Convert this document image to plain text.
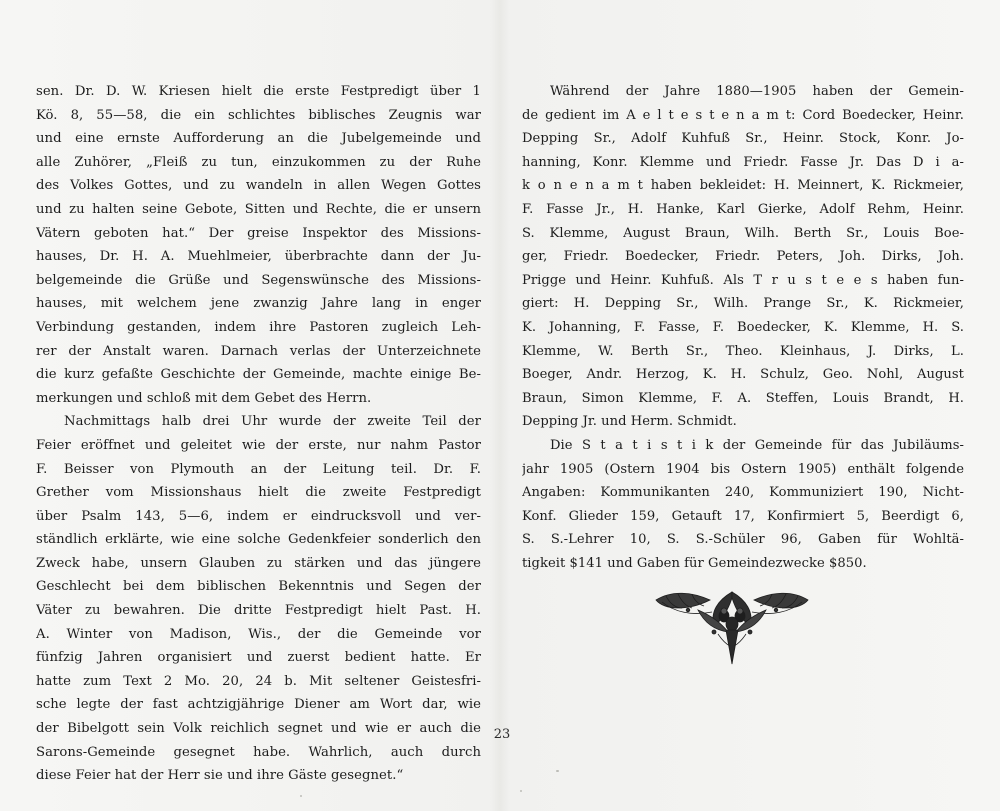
sen. Dr. D. W. Kriesen hielt die erste Festpredigt über 1
Kö. 8, 55—58, die ein schlichtes biblisches Zeugnis war
und eine ernste Aufforderung an die Jubelgemeinde und
alle Zuhörer, „Fleiß zu tun, einzukommen zu der Ruhe
des Volkes Gottes, und zu wandeln in allen Wegen Gottes
und zu halten seine Gebote, Sitten und Rechte, die er unsern
Vätern geboten hat.“ Der greise Inspektor des Missions-
hauses, Dr. H. A. Muehlmeier, überbrachte dann der Ju-
belgemeinde die Grüße und Segenswünsche des Missions-
hauses, mit welchem jene zwanzig Jahre lang in enger
Verbindung gestanden, indem ihre Pastoren zugleich Leh-
rer der Anstalt waren. Darnach verlas der Unterzeichnete
die kurz gefaßte Geschichte der Gemeinde, machte einige Be-
merkungen und schloß mit dem Gebet des Herrn.
Nachmittags halb drei Uhr wurde der zweite Teil der
Feier eröffnet und geleitet wie der erste, nur nahm Pastor
F. Beisser von Plymouth an der Leitung teil. Dr. F.
Grether vom Missionshaus hielt die zweite Festpredigt
über Psalm 143, 5—6, indem er eindrucksvoll und ver-
ständlich erklärte, wie eine solche Gedenkfeier sonderlich den
Zweck habe, unsern Glauben zu stärken und das jüngere
Geschlecht bei dem biblischen Bekenntnis und Segen der
Väter zu bewahren. Die dritte Festpredigt hielt Past. H.
A. Winter von Madison, Wis., der die Gemeinde vor
fünfzig Jahren organisiert und zuerst bedient hatte. Er
hatte zum Text 2 Mo. 20, 24 b. Mit seltener Geistesfri-
sche legte der fast achtzigjährige Diener am Wort dar, wie
der Bibelgott sein Volk reichlich segnet und wie er auch die
Sarons-Gemeinde gesegnet habe. Wahrlich, auch durch
diese Feier hat der Herr sie und ihre Gäste gesegnet.“
Während der Jahre 1880—1905 haben der Gemein-
de gedient im A e l t e s t e n a m t: Cord Boedecker, Heinr.
Depping Sr., Adolf Kuhfuß Sr., Heinr. Stock, Konr. Jo-
hanning, Konr. Klemme und Friedr. Fasse Jr. Das D i a-
k o n e n a m t haben bekleidet: H. Meinnert, K. Rickmeier,
F. Fasse Jr., H. Hanke, Karl Gierke, Adolf Rehm, Heinr.
S. Klemme, August Braun, Wilh. Berth Sr., Louis Boe-
ger, Friedr. Boedecker, Friedr. Peters, Joh. Dirks, Joh.
Prigge und Heinr. Kuhfuß. Als T r u s t e e s haben fun-
giert: H. Depping Sr., Wilh. Prange Sr., K. Rickmeier,
K. Johanning, F. Fasse, F. Boedecker, K. Klemme, H. S.
Klemme, W. Berth Sr., Theo. Kleinhaus, J. Dirks, L.
Boeger, Andr. Herzog, K. H. Schulz, Geo. Nohl, August
Braun, Simon Klemme, F. A. Steffen, Louis Brandt, H.
Depping Jr. und Herm. Schmidt.
Die S t a t i s t i k der Gemeinde für das Jubiläums-
jahr 1905 (Ostern 1904 bis Ostern 1905) enthält folgende
Angaben: Kommunikanten 240, Kommuniziert 190, Nicht-
Konf. Glieder 159, Getauft 17, Konfirmiert 5, Beerdigt 6,
S. S.-Lehrer 10, S. S.-Schüler 96, Gaben für Wohltä-
tigkeit $141 und Gaben für Gemeindezwecke $850.
23
